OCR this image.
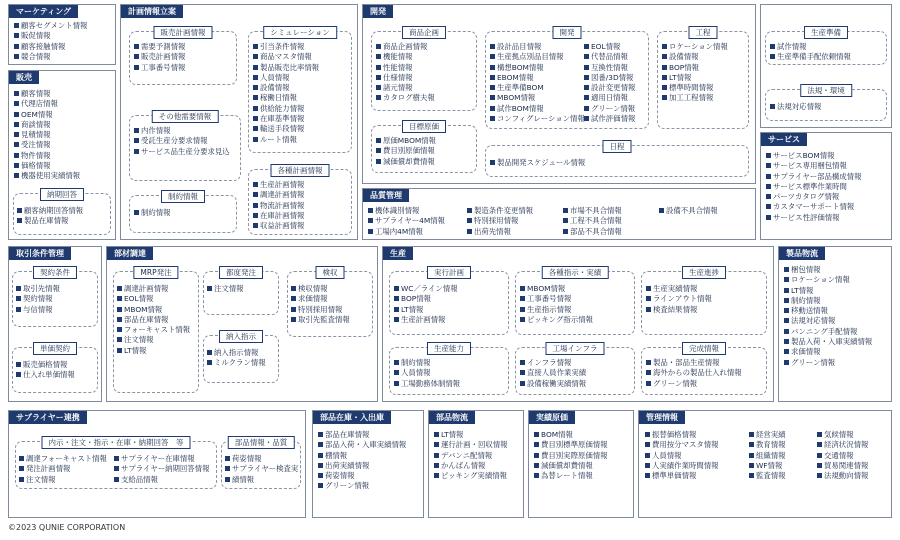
マーケティング
顧客セグメント情報
販促情報
顧客接触情報
競合情報
販売
顧客情報
代理店情報
OEM情報
商談情報
見積情報
受注情報
物件情報
価格情報
機器使用実績情報
納期回答
顧客納期回答情報
製品在庫情報
計画情報立案
販売計画情報
需要予測情報
販売計画情報
工事番号情報
その他需要情報
内作情報
受託生産分要求情報
サービス品生産分要求見込
制約情報
制約情報
シミュレーション
引当条件情報
商品マスタ情報
製品販売比率情報
人員情報
設備情報
稼働日情報
供給能力情報
在庫基準情報
輸送手段情報
ルート情報
各種計画情報
生産計画情報
調達計画情報
物流計画情報
在庫計画情報
収益計画情報
開発
商品企画
商品企画情報
機能情報
性能情報
仕様情報
諸元情報
カタログ樹夫報
目標原価
原価MBOM情報
費目別原価情報
減価償却費情報
開発
設計品目情報
生産拠点別品目情報
構想BOM情報
EBOM情報
生産準備BOM
MBOM情報
試作BOM情報
コンフィグレーション情報
EOL情報
代替品情報
互換性情報
図番/3D情報
設計変更情報
適用日情報
グリーン情報
試作評価情報
日程
製品開発スケジュール情報
工程
ロケーション情報
設備情報
BOP情報
LT情報
標準時間情報
加工工程情報
生産準備
試作情報
生産準備手配依頼情報
法規・環境
法規対応情報
サービス
サービスBOM情報
サービス専用梱包情報
サプライヤー部品構成情報
サービス標準作業時間
パーツカタログ情報
カスタマーサポート情報
サービス性評価情報
品質管理
機体識別情報
サプライヤー4M情報
工場内4M情報
製造条件変更情報
特別採用情報
出荷先情報
市場不具合情報
工程不具合情報
部品不具合情報
設備不具合情報
取引条件管理
契約条件
取引先情報
契約情報
与信情報
単価契約
販売価格情報
仕入れ単価情報
部材調達
MRP発注
調達計画情報
EOL情報
MBOM情報
部品在庫情報
フォーキャスト情報
注文情報
LT情報
都度発注
注文情報
納入指示
納入指示情報
ミルクラン情報
検収
検収情報
求価情報
特別採用情報
取引先監査情報
生産
実行計画
WC／ライン情報
BOP情報
LT情報
生産計画情報
各種指示・実績
MBOM情報
工事番号情報
生産指示情報
ピッキング指示情報
生産進捗
生産実績情報
ラインアウト情報
検査結果情報
生産能力
制約情報
人員情報
工場勤務体制情報
工場インフラ
インフラ情報
直接人員作業実績
設備稼働実績情報
完成情報
製品・部品生産情報
海外からの製品仕入れ情報
グリーン情報
製品物流
梱包情報
ロケーション情報
LT情報
制約情報
移動送情報
法規対応情報
バンニング手配情報
製品入荷・入庫実績情報
求価情報
グリーン情報
サプライヤー連携
内示・注文・指示・在庫・納期回答　等
調達フォーキャスト情報
発注計画情報
注文情報
サプライヤー在庫情報
サプライヤー納期回答情報
支給品情報
部品情報・品質
荷姿情報
サプライヤー検査実
績情報
部品在庫・入出庫
部品在庫情報
部品入荷・入庫実績情報
棚情報
出荷実績情報
荷姿情報
グリーン情報
部品物流
LT情報
運行計画・回収情報
デバンニ配情報
かんばん情報
ピッキング実績情報
実績原価
BOM情報
費目別標準原価情報
費目別実際原価情報
減価償却費情報
為替レート情報
管理情報
振替価格情報
費用按分マスタ情報
人員情報
人実績作業時間情報
標準単価情報
経営実績
教育情報
組織情報
WF情報
監査情報
気候情報
経済状況情報
交通情報
貿易関連情報
法規動向情報
©2023 QUNIE CORPORATION
